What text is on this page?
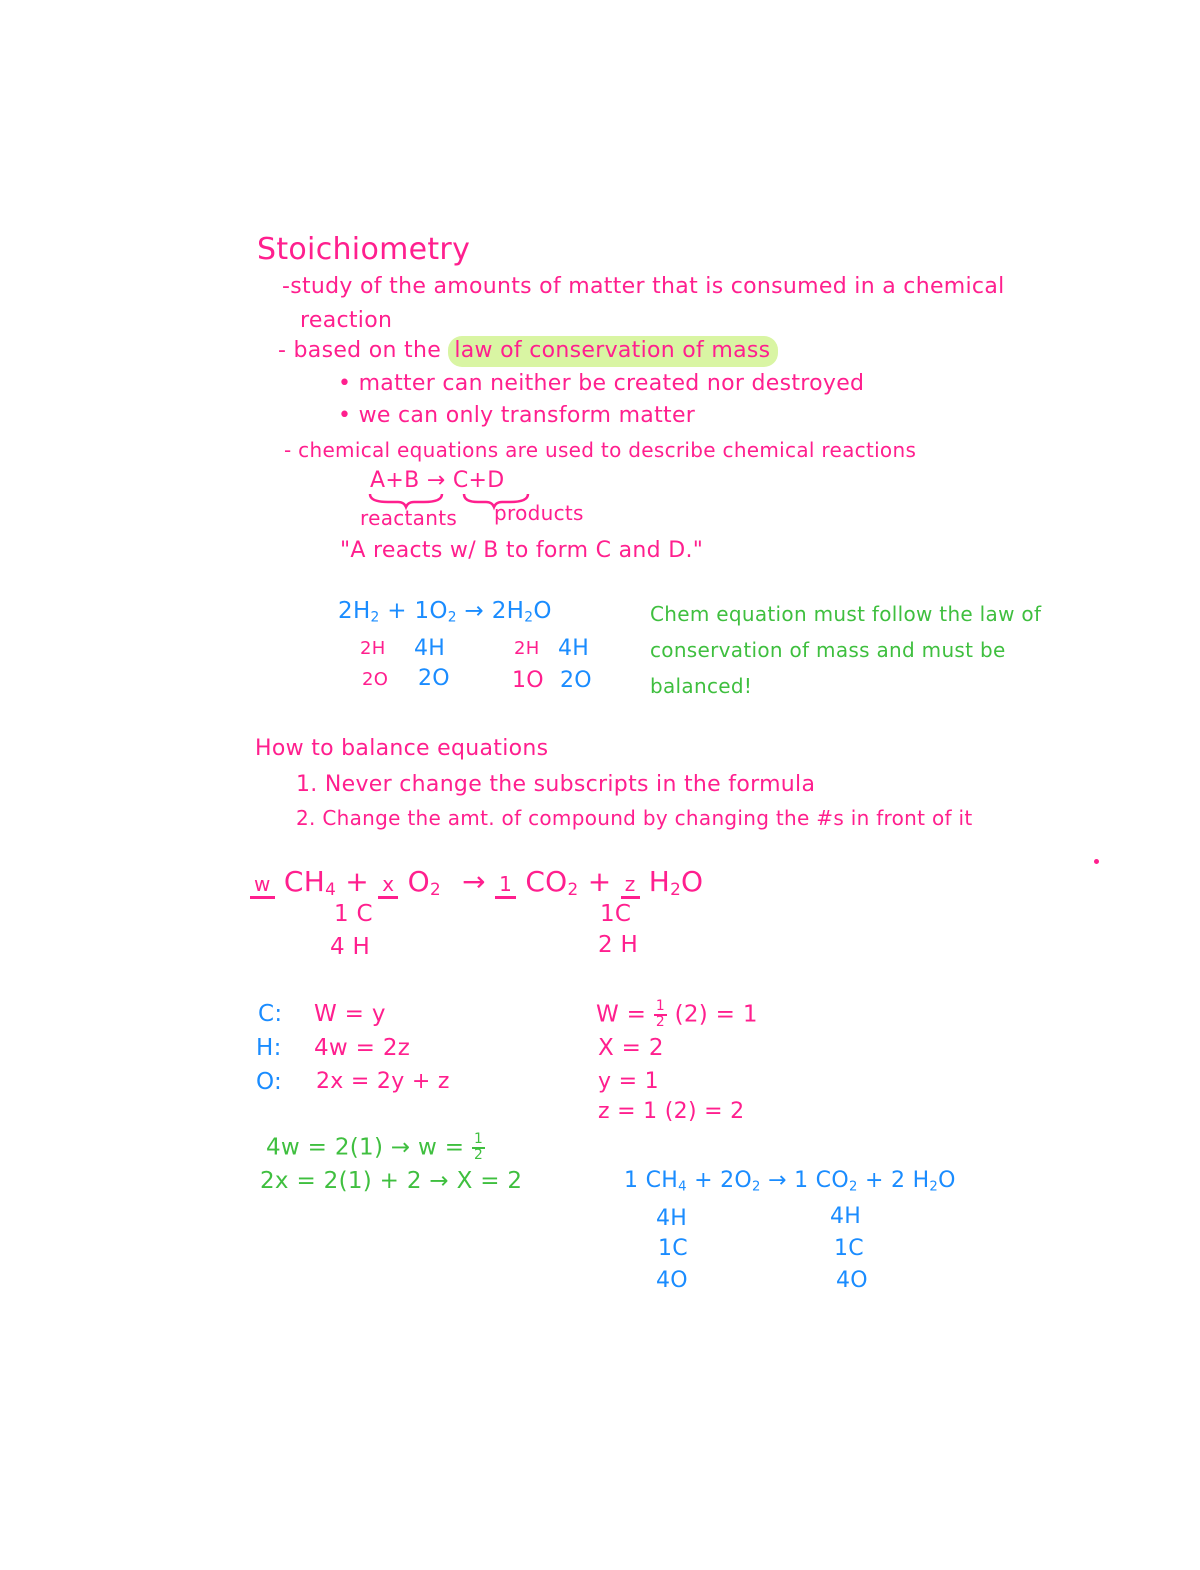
Stoichiometry
-study of the amounts of matter that is consumed in a chemical
reaction
- based on the law of conservation of mass
• matter can neither be created nor destroyed
• we can only transform matter
- chemical equations are used to describe chemical reactions
A+B → C+D
reactants products
"A reacts w/ B to form C and D."
$2H_2 + 1O_2 \to 2H_2O$
2H 4H
2O 2O
2H 4H
1O 2O
Chem equation must follow the law of
conservation of mass and must be
balanced!
How to balance equations
1. Never change the subscripts in the formula
2. Change the amt. of compound by changing the #s in front of it
w $CH_4 + x$ $O_2 \to 1$ $CO_2 + z$ $H_2O$
1 C
4 H
1C
2 H
C: W = y
H: 4w = 2z
O: 2x = 2y + z
$W = \frac{1}{2} (2) = 1$
X = 2
y = 1
z = 1 (2) = 2
$4w = 2(1) \to w = \frac{1}{2}$
2x = 2(1) + 2 → X = 2	1 $CH_4 + 2O_2 \to 1$ $CO_2 + 2$ $H_2O$
4H
1C
4O
4H
1C
4O
